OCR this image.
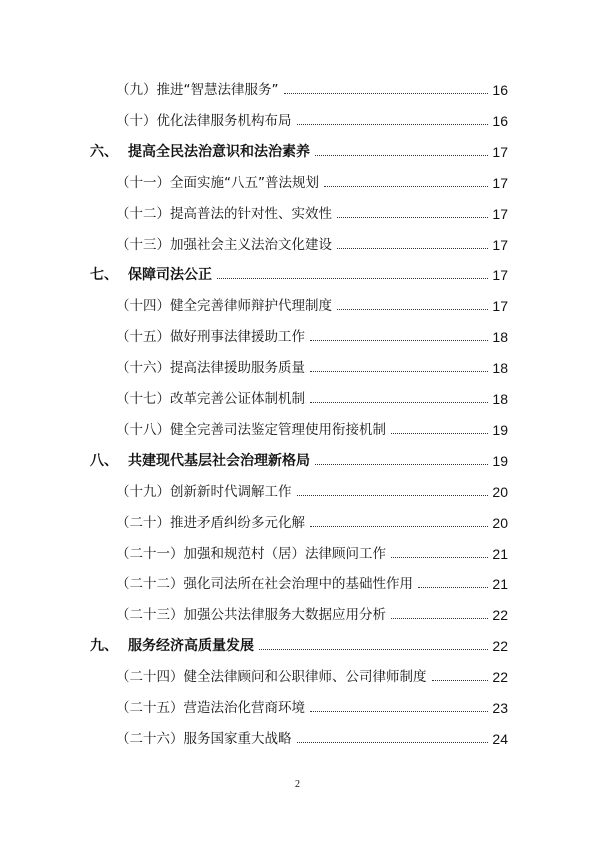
（九）推进“智慧法律服务”	16
（十）优化法律服务机构布局	16
六、 提高全民法治意识和法治素养	17
（十一）全面实施“八五”普法规划	17
（十二）提高普法的针对性、实效性	17
（十三）加强社会主义法治文化建设	17
七、 保障司法公正	17
（十四）健全完善律师辩护代理制度	17
（十五）做好刑事法律援助工作	18
（十六）提高法律援助服务质量	18
（十七）改革完善公证体制机制	18
（十八）健全完善司法鉴定管理使用衔接机制	19
八、 共建现代基层社会治理新格局	19
（十九）创新新时代调解工作	20
（二十）推进矛盾纠纷多元化解	20
（二十一）加强和规范村（居）法律顾问工作	21
（二十二）强化司法所在社会治理中的基础性作用	21
（二十三）加强公共法律服务大数据应用分析	22
九、 服务经济高质量发展	22
（二十四）健全法律顾问和公职律师、公司律师制度	22
（二十五）营造法治化营商环境	23
（二十六）服务国家重大战略	24
2
